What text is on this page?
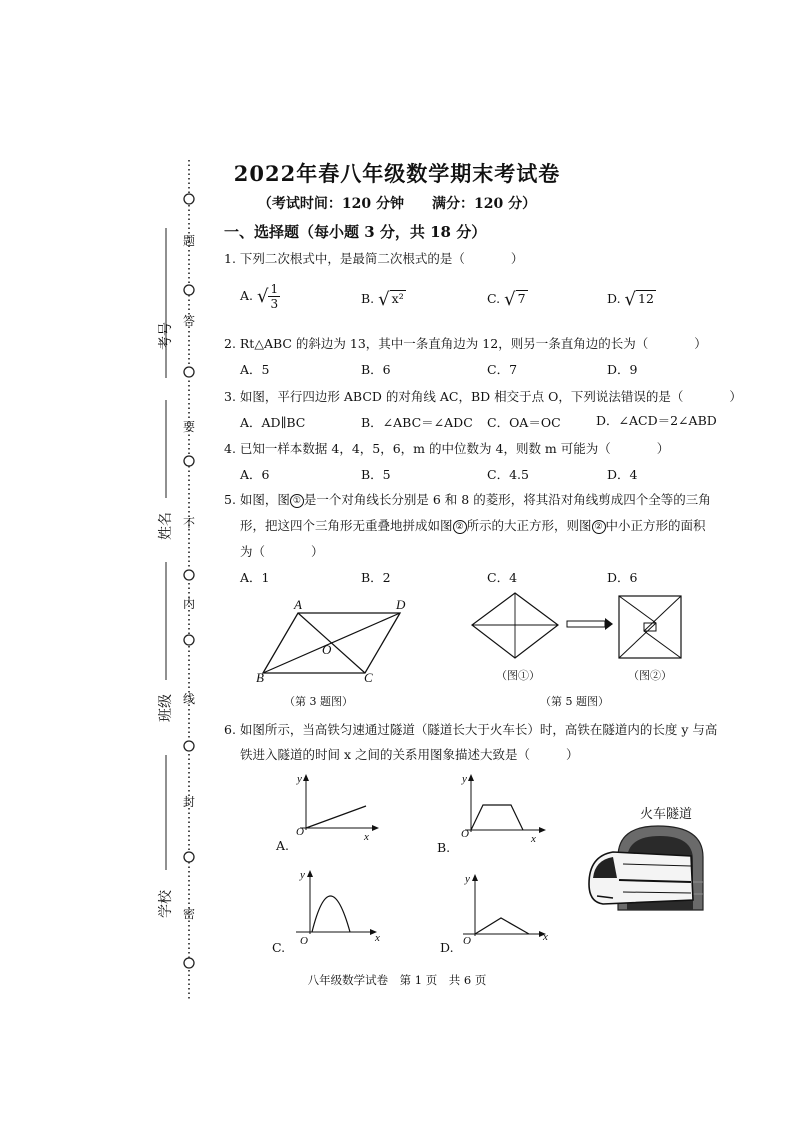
题
答
要
不
内
线
封
密
考号
姓名
班级
学校
2022年春八年级数学期末考试卷
（考试时间：120 分钟　　满分：120 分）
一、选择题（每小题 3 分，共 18 分）
1. 下列二次根式中，是最简二次根式的是（	）
A. √ $\frac{1}{3}$	B. √ x²	C. √ 7	D. √ 12
2. Rt△ABC 的斜边为 13，其中一条直角边为 12，则另一条直角边的长为（	）
A．5	B．6	C．7	D．9
3. 如图，平行四边形 ABCD 的对角线 AC，BD 相交于点 O，下列说法错误的是（	）
A．AD∥BC	B．∠ABC＝∠ADC C．OA＝OC	D．∠ACD＝2∠ABD
4. 已知一样本数据 4，4，5，6，m 的中位数为 4，则数 m 可能为（	）
A．6	B．5	C．4.5	D．4
5. 如图，图 ① 是一个对角线长分别是 6 和 8 的菱形，将其沿对角线剪成四个全等的三角
形，把这四个三角形无重叠地拼成如图 ② 所示的大正方形，则图 ② 中小正方形的面积
为（	）
A．1	B．2	C．4	D．6
A	D
O
B	C
（第 3 题图）
（图①）	（图②）
（第 5 题图）
6. 如图所示，当高铁匀速通过隧道（隧道长大于火车长）时，高铁在隧道内的长度 y 与高
铁进入隧道的时间 x 之间的关系用图象描述大致是（	）
y
O	x
A.
y
O	x
B.
y
O	x
C.
y
O	x
D.
火车隧道
八年级数学试卷　第 1 页　共 6 页
